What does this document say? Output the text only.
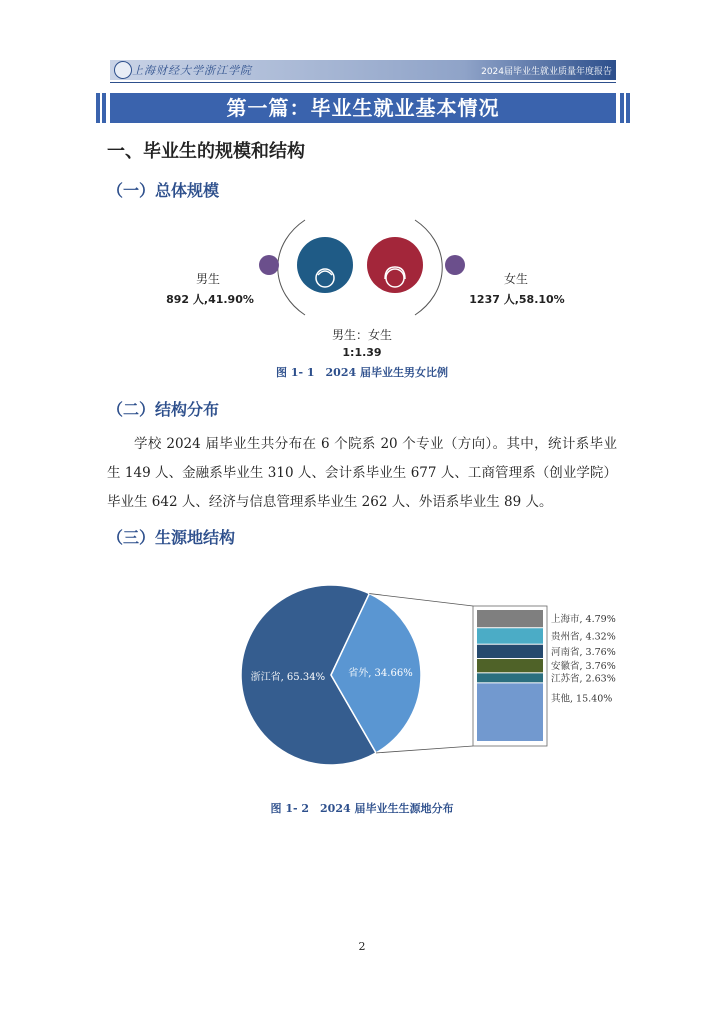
上海财经大学浙江学院	2024届毕业生就业质量年度报告
第一篇：毕业生就业基本情况
一、毕业生的规模和结构
（一）总体规模
男生
892 人,41.90%
女生
1237 人,58.10%
男生：女生
1:1.39
图 1- 1　2024 届毕业生男女比例
（二）结构分布
学校 2024 届毕业生共分布在 6 个院系 20 个专业（方向）。其中，统计系毕业生 149 人、金融系毕业生 310 人、会计系毕业生 677 人、工商管理系（创业学院）毕业生 642 人、经济与信息管理系毕业生 262 人、外语系毕业生 89 人。
（三）生源地结构
浙江省, 65.34% 省外, 34.66%
上海市, 4.79%
贵州省, 4.32%
河南省, 3.76%
安徽省, 3.76%
江苏省, 2.63%
其他, 15.40%
图 1- 2　2024 届毕业生生源地分布
2
